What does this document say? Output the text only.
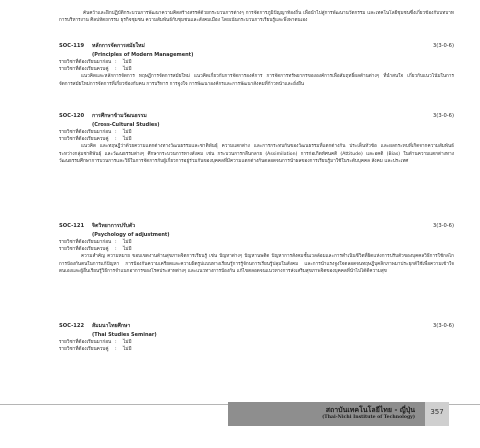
ค้นคว้าและฝึกปฏิบัติกระบวนการพัฒนาความคิดสร้างสรรค์ด้วยกระบวนการต่างๆ การจัดการภูมิปัญญาท้องถิ่น เพื่อนำไปสู่การพัฒนานวัตกรรม และเทคโนโลยีชุมชนซึ่งเกี่ยวข้องกับบทบาทการบริหารงาน ศิลปหัตถกรรม ธุรกิจชุมชน ความสัมพันธ์กับชุมชนและสังคมเมือง โดยเน้นกระบวนการเรียนรู้และพึ่งพาตนเอง
SOC-119 หลักการจัดการสมัยใหม่	3(3-0-6)
(Principles of Modern Management)
รายวิชาที่ต้องเรียนมาก่อน : ไม่มี
รายวิชาที่ต้องเรียนควบคู่ : ไม่มี
แนวคิดและหลักการจัดการ ทฤษฎีการจัดการสมัยใหม่ แนวคิดเกี่ยวกับการจัดการองค์การ การจัดการทรัพยากรขององค์การเพื่อสัมฤทธิ์ผลด้านต่างๆ ที่นำสนใจ เกี่ยวกับแนวโน้มในการจัดการสมัยใหม่การจัดการที่เกี่ยวข้องกับคน การบริหาร การจูงใจ การพัฒนาองค์กรและการพัฒนาสังคมที่ก้าวหน้าและยั่งยืน
SOC-120 การศึกษาข้ามวัฒนธรรม	3(3-0-6)
(Cross-Cultural Studies)
รายวิชาที่ต้องเรียนมาก่อน : ไม่มี
รายวิชาที่ต้องเรียนควบคู่ : ไม่มี
แนวคิด และทฤษฎีว่าด้วยความแตกต่างทางวัฒนธรรมและชาติพันธุ์ ความแตกต่าง และการกระทบกันของวัฒนธรรมที่แตกต่างกัน ประเด็นหัวข้อ และผลกระทบที่เกิดจากความสัมพันธ์ระหว่างกลุ่มชาติพันธุ์ และวัฒนธรรมต่างๆ ศึกษากระบวนการทางสังคม เช่น กระบวนการกลืนกลาย (Assimilation) การก่อเกิดทัศนคติ (Attitude) และอคติ (Bias) ในด้านความแตกต่างทางวัฒนธรรมศึกษาการบวนการและวิธีในการจัดการกับผู้เกี่ยวการอยู่ร่วมกันของบุคคลที่มีความแตกต่างกันตลอดจนการนำผลของการเรียนรู้มาใช้ในระดับบุคคล สังคม และประเทศ
SOC-121 จิตวิทยาการปรับตัว	3(3-0-6)
(Psychology of adjustment)
รายวิชาที่ต้องเรียนมาก่อน : ไม่มี
รายวิชาที่ต้องเรียนควบคู่ : ไม่มี
ความสำคัญ ความหมาย ขอบเขตงานด้านสุขภาพจิตการเรียนรู้ เช่น ปัญหาต่างๆ ปัญหานพติด ปัญหาการสังคมชั้นเวลล้อมและการดำเนินชีวิตที่ผิดแห่งการปรับตัวของบุคคลวิธีการใช้กลไกการป้องกันตนในการแก้ปัญหา การป้องกันความเครียดและความผิดรูปแบบทางเรียนรู้การรู้จักนการเรียนรู้ปลุมในสังคม และการนำแรงจูงใจตลอดจนทฤษฎีบุคลิกภาพมาประยุกต์ใช้เพื่อความเข้าใจตนเองและผู้อื่นเรียนรู้วิธีการจำแนกอาการของโรคประสาทต่างๆ และแนวทางการป้องกัน แก้ไขตลอดจนแนวทางการส่งเสริมสุขภาพจิตของบุคคลที่นำไปได้ดีความสุข
SOC-122 สัมมนาไทยศึกษา	3(3-0-6)
(Thai Studies Seminar)
รายวิชาที่ต้องเรียนมาก่อน : ไม่มี
รายวิชาที่ต้องเรียนควบคู่ : ไม่มี
สถาบันเทคโนโลยีไทย - ญี่ปุ่น
(Thai-Nichi Institute of Technology)
357
